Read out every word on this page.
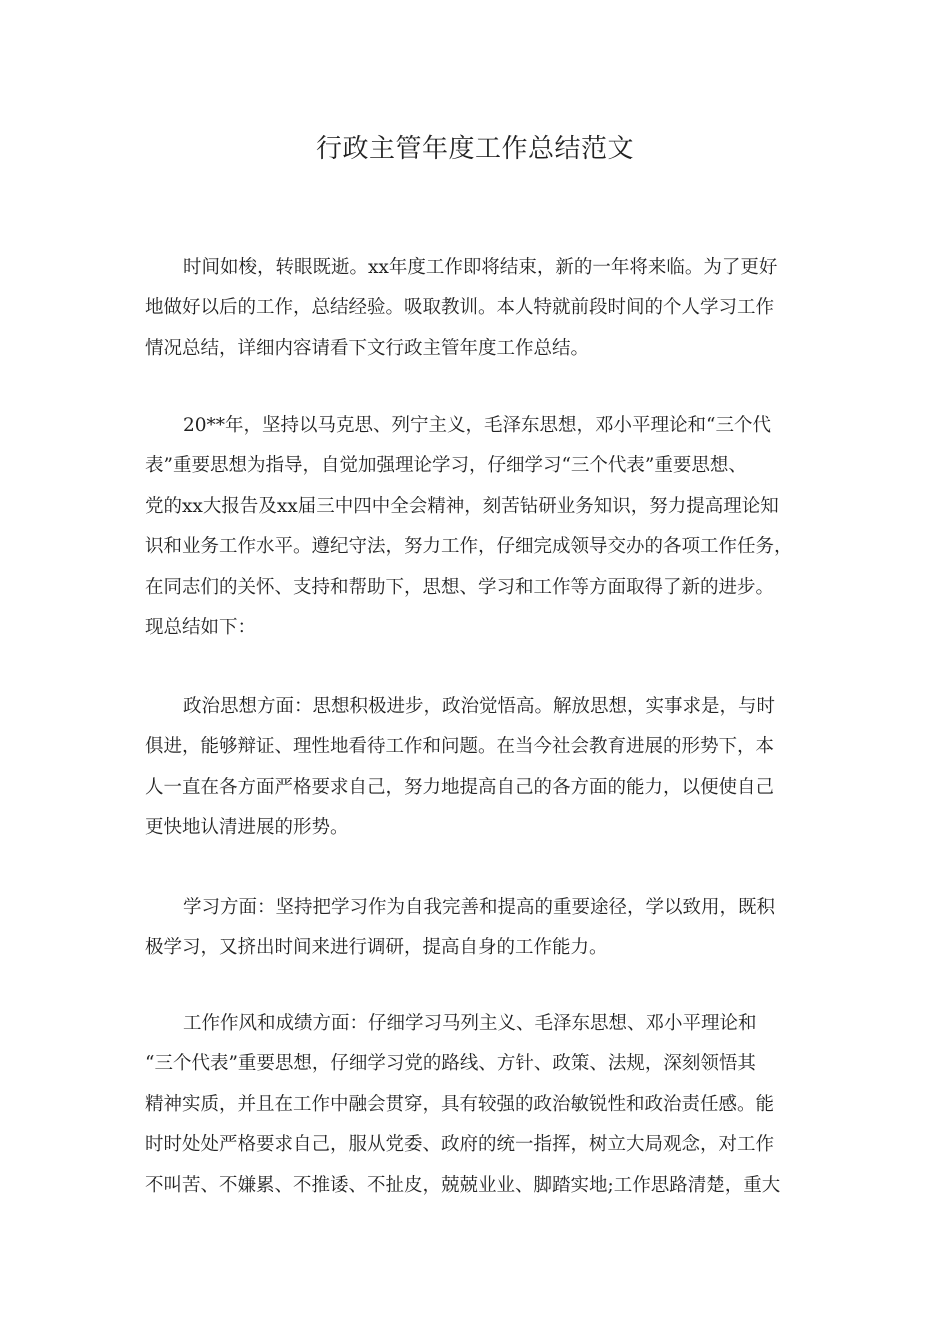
行政主管年度工作总结范文

时间如梭，转眼既逝。xx年度工作即将结束，新的一年将来临。为了更好
地做好以后的工作，总结经验。吸取教训。本人特就前段时间的个人学习工作
情况总结，详细内容请看下文行政主管年度工作总结。

20**年，坚持以马克思、列宁主义，毛泽东思想，邓小平理论和“三个代
表”重要思想为指导，自觉加强理论学习，仔细学习“三个代表”重要思想、
党的xx大报告及xx届三中四中全会精神，刻苦钻研业务知识，努力提高理论知
识和业务工作水平。遵纪守法，努力工作，仔细完成领导交办的各项工作任务，
在同志们的关怀、支持和帮助下，思想、学习和工作等方面取得了新的进步。
现总结如下：

政治思想方面：思想积极进步，政治觉悟高。解放思想，实事求是，与时
俱进，能够辩证、理性地看待工作和问题。在当今社会教育进展的形势下，本
人一直在各方面严格要求自己，努力地提高自己的各方面的能力，以便使自己
更快地认清进展的形势。

学习方面：坚持把学习作为自我完善和提高的重要途径，学以致用，既积
极学习，又挤出时间来进行调研，提高自身的工作能力。

工作作风和成绩方面：仔细学习马列主义、毛泽东思想、邓小平理论和
“三个代表”重要思想，仔细学习党的路线、方针、政策、法规，深刻领悟其
精神实质，并且在工作中融会贯穿，具有较强的政治敏锐性和政治责任感。能
时时处处严格要求自己，服从党委、政府的统一指挥，树立大局观念，对工作
不叫苦、不嫌累、不推诿、不扯皮，兢兢业业、脚踏实地;工作思路清楚，重大
